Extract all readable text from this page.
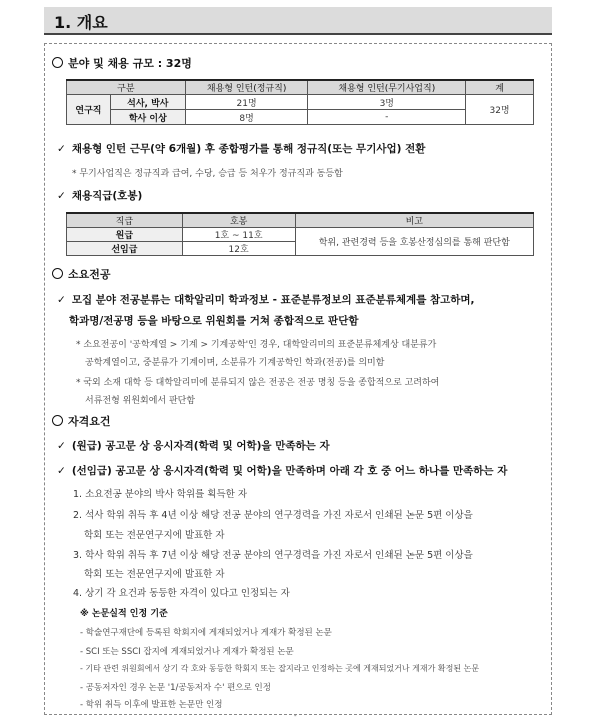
1. 개요
분야 및 채용 규모 : 32명
구분		채용형 인턴(정규직)	채용형 인턴(무기사업직)	계
연구직	석사, 박사	21명	3명	32명
	학사 이상	8명	-	
✓ 채용형 인턴 근무(약 6개월) 후 종합평가를 통해 정규직(또는 무기사업) 전환
* 무기사업직은 정규직과 급여, 수당, 승급 등 처우가 정규직과 동등함
✓ 채용직급(호봉)
직급	호봉	비고
원급	1호 ~ 11호	학위, 관련경력 등을 호봉산정심의를 통해 판단함
선임급	12호	
소요전공
✓ 모집 분야 전공분류는 대학알리미 학과정보 - 표준분류정보의 표준분류체계를 참고하며,
학과명/전공명 등을 바탕으로 위원회를 거쳐 종합적으로 판단함
* 소요전공이 '공학계열 > 기계 > 기계공학'인 경우, 대학알리미의 표준분류체계상 대분류가
공학계열이고, 중분류가 기계이며, 소분류가 기계공학인 학과(전공)를 의미함
* 국외 소재 대학 등 대학알리미에 분류되지 않은 전공은 전공 명칭 등을 종합적으로 고려하여
서류전형 위원회에서 판단함
자격요건
✓ (원급) 공고문 상 응시자격(학력 및 어학)을 만족하는 자
✓ (선임급) 공고문 상 응시자격(학력 및 어학)을 만족하며 아래 각 호 중 어느 하나를 만족하는 자
1. 소요전공 분야의 박사 학위를 획득한 자
2. 석사 학위 취득 후 4년 이상 해당 전공 분야의 연구경력을 가진 자로서 인쇄된 논문 5편 이상을
학회 또는 전문연구지에 발표한 자
3. 학사 학위 취득 후 7년 이상 해당 전공 분야의 연구경력을 가진 자로서 인쇄된 논문 5편 이상을
학회 또는 전문연구지에 발표한 자
4. 상기 각 요건과 동등한 자격이 있다고 인정되는 자
※ 논문실적 인정 기준
- 학술연구재단에 등록된 학회지에 게재되었거나 게재가 확정된 논문
- SCI 또는 SSCI 잡지에 게재되었거나 게재가 확정된 논문
- 기타 관련 위원회에서 상기 각 호와 동등한 학회지 또는 잡지라고 인정하는 곳에 게재되었거나 게재가 확정된 논문
- 공동저자인 경우 논문 '1/공동저자 수' 편으로 인정
- 학위 취득 이후에 발표한 논문만 인정
-
